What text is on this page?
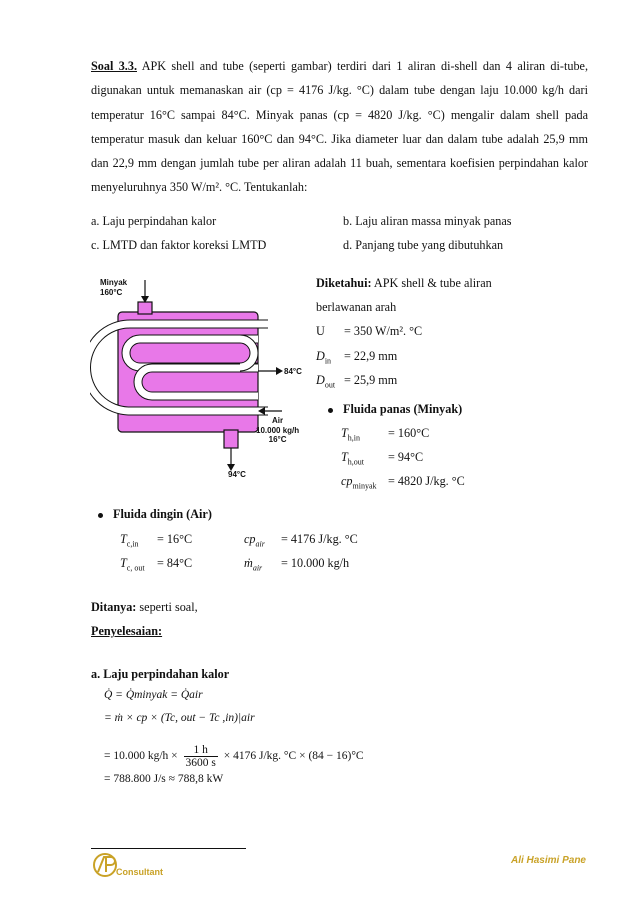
Soal 3.3. APK shell and tube (seperti gambar) terdiri dari 1 aliran di-shell dan 4 aliran di-tube, digunakan untuk memanaskan air (cp = 4176 J/kg. °C) dalam tube dengan laju 10.000 kg/h dari temperatur 16°C sampai 84°C. Minyak panas (cp = 4820 J/kg. °C) mengalir dalam shell pada temperatur masuk dan keluar 160°C dan 94°C. Jika diameter luar dan dalam tube adalah 25,9 mm dan 22,9 mm dengan jumlah tube per aliran adalah 11 buah, sementara koefisien perpindahan kalor menyeluruhnya 350 W/m². °C. Tentukanlah:
a. Laju perpindahan kalor	b. Laju aliran massa minyak panas
c. LMTD dan faktor koreksi LMTD	d. Panjang tube yang dibutuhkan
Minyak
160°C
84°C
Air
10.000 kg/h
16°C
94°C
Diketahui: APK shell & tube aliran
berlawanan arah
U = 350 W/m². °C
$D_{in} = 22,9$ mm
$D_{out} = 25,9$ mm
Fluida panas (Minyak)
$T_{h,in} = 160^\circ C$
$T_{h,out} = 94^\circ C$
$cp_{minyak} = 4820$ J/kg. °C
Fluida dingin (Air)
$T_{c,in} = 16^\circ C$
$T_{c, out} = 84^\circ C$
$cp_{air} = 4176$ J/kg. °C
ṁ$_{air}$ = 10.000 kg/h
Ditanya: seperti soal,
Penyelesaian:
a. Laju perpindahan kalor
Q̇ = Q̇minyak = Q̇air
= ṁ × cp × (Tc, out − Tc ,in)|air
= 10.000 $kg/h \times \frac{1 h}{3600 s} \times 4176$ J/kg. °C × (84 − 16)°C
= 788.800 J/s ≈ 788,8 kW
Consultant
Ali Hasimi Pane
